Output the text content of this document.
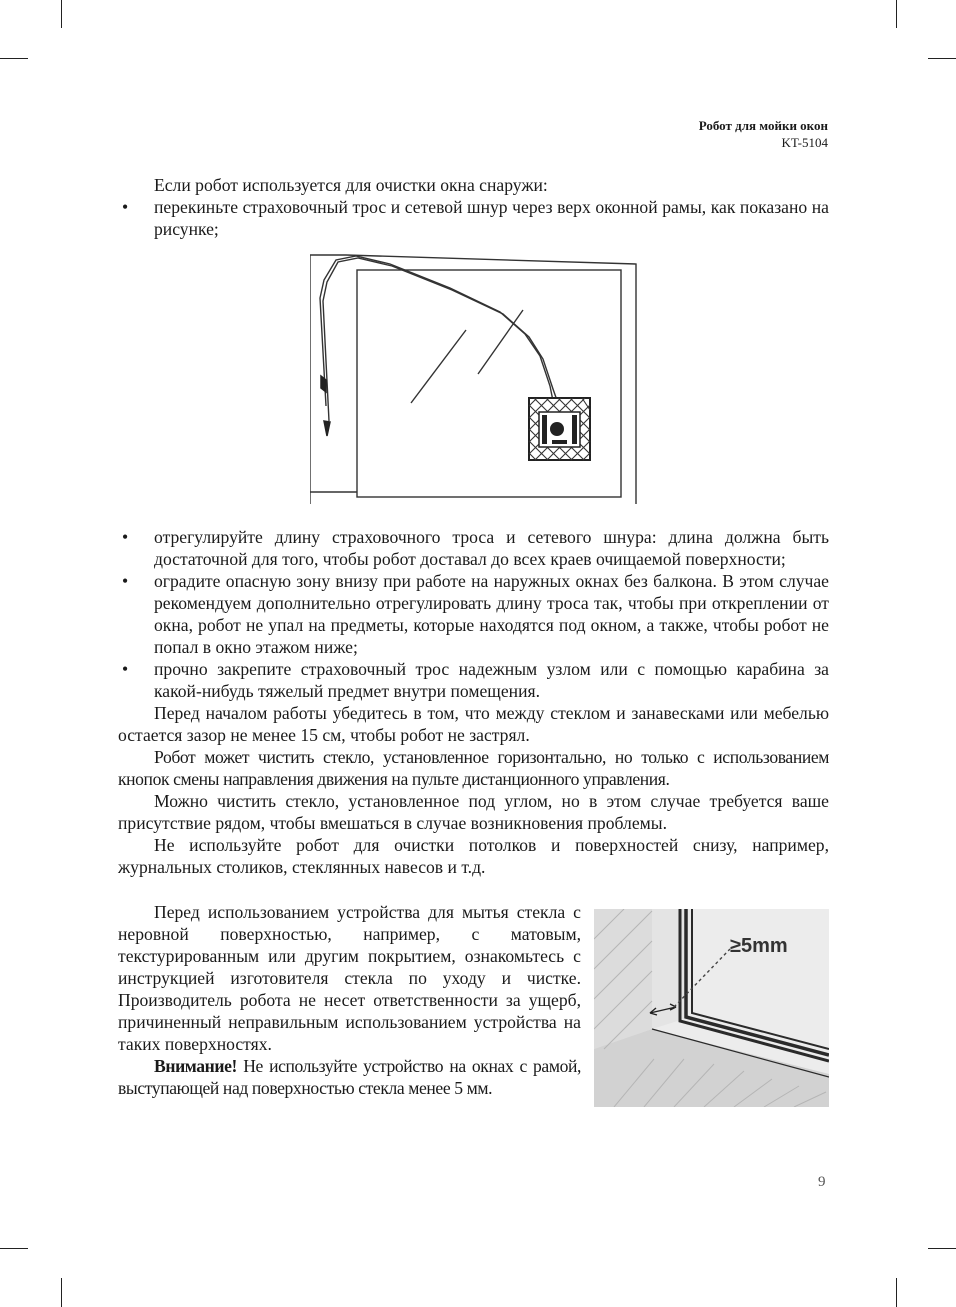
Робот для мойки окон
KT-5104

Если робот используется для очистки окна снаружи:

• перекиньте страховочный трос и сетевой шнур через верх оконной рамы, как показано на рисунке;
• отрегулируйте длину страховочного троса и сетевого шнура: длина должна быть достаточной для того, чтобы робот доставал до всех краев очищаемой поверхности;
• оградите опасную зону внизу при работе на наружных окнах без балкона. В этом случае рекомендуем дополнительно отрегулировать длину троса так, чтобы при откреплении от окна, робот не упал на предметы, которые находятся под окном, а также, чтобы робот не попал в окно этажом ниже;
• прочно закрепите страховочный трос надежным узлом или с помощью карабина за какой-нибудь тяжелый предмет внутри помещения.

Перед началом работы убедитесь в том, что между стеклом и занавесками или мебелью остается зазор не менее 15 см, чтобы робот не застрял.

Робот может чистить стекло, установленное горизонтально, но только с использованием кнопок смены направления движения на пульте дистанционного управления.

Можно чистить стекло, установленное под углом, но в этом случае требуется ваше присутствие рядом, чтобы вмешаться в случае возникновения проблемы.

Не используйте робот для очистки потолков и поверхностей снизу, например, журнальных столиков, стеклянных навесов и т.д.

Перед использованием устройства для мытья стекла с неровной поверхностью, например, с матовым, текстурированным или другим покрытием, ознакомьтесь с инструкцией изготовителя стекла по уходу и чистке. Производитель робота не несет ответственности за ущерб, причиненный неправильным использованием устройства на таких поверхностях.

Внимание! Не используйте устройство на окнах с рамой, выступающей над поверхностью стекла менее 5 мм.

≥5mm
9
